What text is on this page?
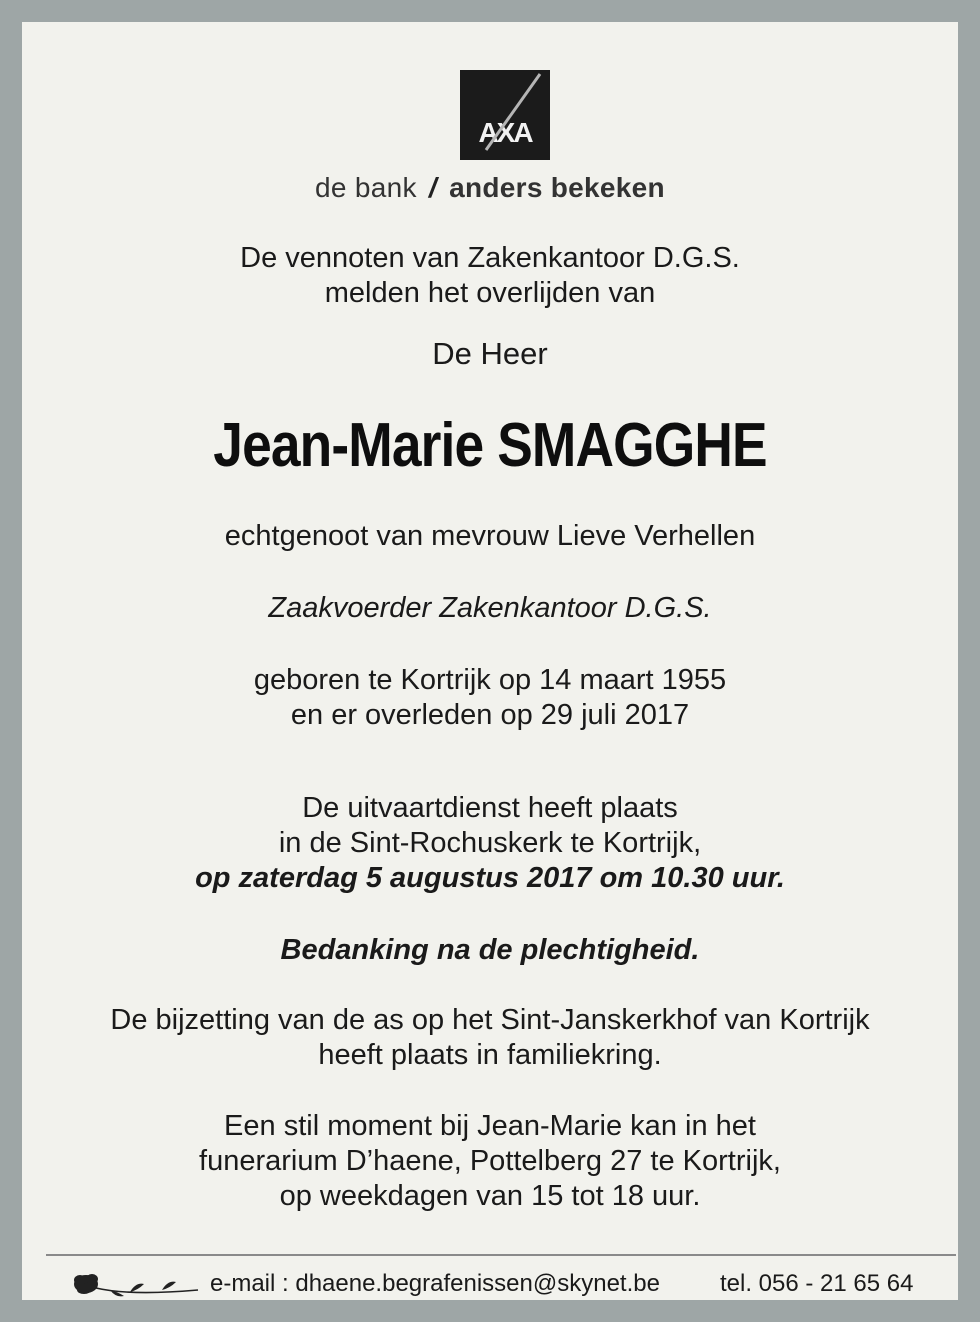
AXA
de bank / anders bekeken
De vennoten van Zakenkantoor D.G.S.
melden het overlijden van
De Heer
Jean-Marie SMAGGHE
echtgenoot van mevrouw Lieve Verhellen
Zaakvoerder Zakenkantoor D.G.S.
geboren te Kortrijk op 14 maart 1955
en er overleden op 29 juli 2017
De uitvaartdienst heeft plaats
in de Sint-Rochuskerk te Kortrijk,
op zaterdag 5 augustus 2017 om 10.30 uur.
Bedanking na de plechtigheid.
De bijzetting van de as op het Sint-Janskerkhof van Kortrijk
heeft plaats in familiekring.
Een stil moment bij Jean-Marie kan in het
funerarium D’haene, Pottelberg 27 te Kortrijk,
op weekdagen van 15 tot 18 uur.
e-mail : dhaene.begrafenissen@skynet.be	tel. 056 - 21 65 64
